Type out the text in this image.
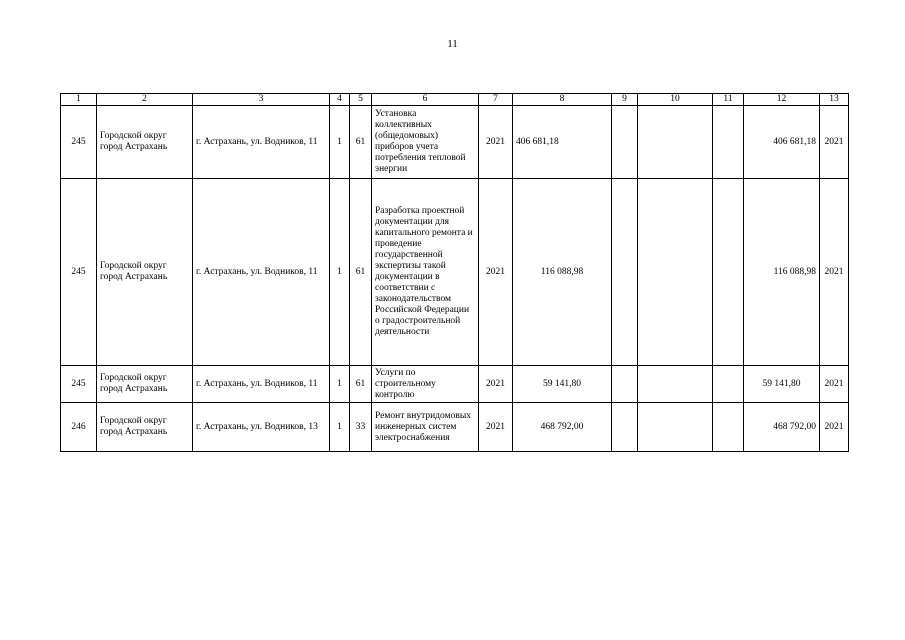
11
1	2	3	4	5	6	7	8	9	10	11	12	13
245	Городской округ город Астрахань	г. Астрахань, ул. Водников, 11	1	61	Установка коллективных (общедомовых) приборов учета потребления тепловой энергии	2021	406 681,18				406 681,18	2021
245	Городской округ город Астрахань	г. Астрахань, ул. Водников, 11	1	61	Разработка проектной документации для капитального ремонта и проведение государственной экспертизы такой документации в соответствии с законодательством Российской Федерации о градостроительной деятельности	2021	116 088,98				116 088,98	2021
245	Городской округ город Астрахань	г. Астрахань, ул. Водников, 11	1	61	Услуги по строительному контролю	2021	59 141,80				59 141,80	2021
246	Городской округ город Астрахань	г. Астрахань, ул. Водников, 13	1	33	Ремонт внутридомовых инженерных систем электроснабжения	2021	468 792,00				468 792,00	2021
